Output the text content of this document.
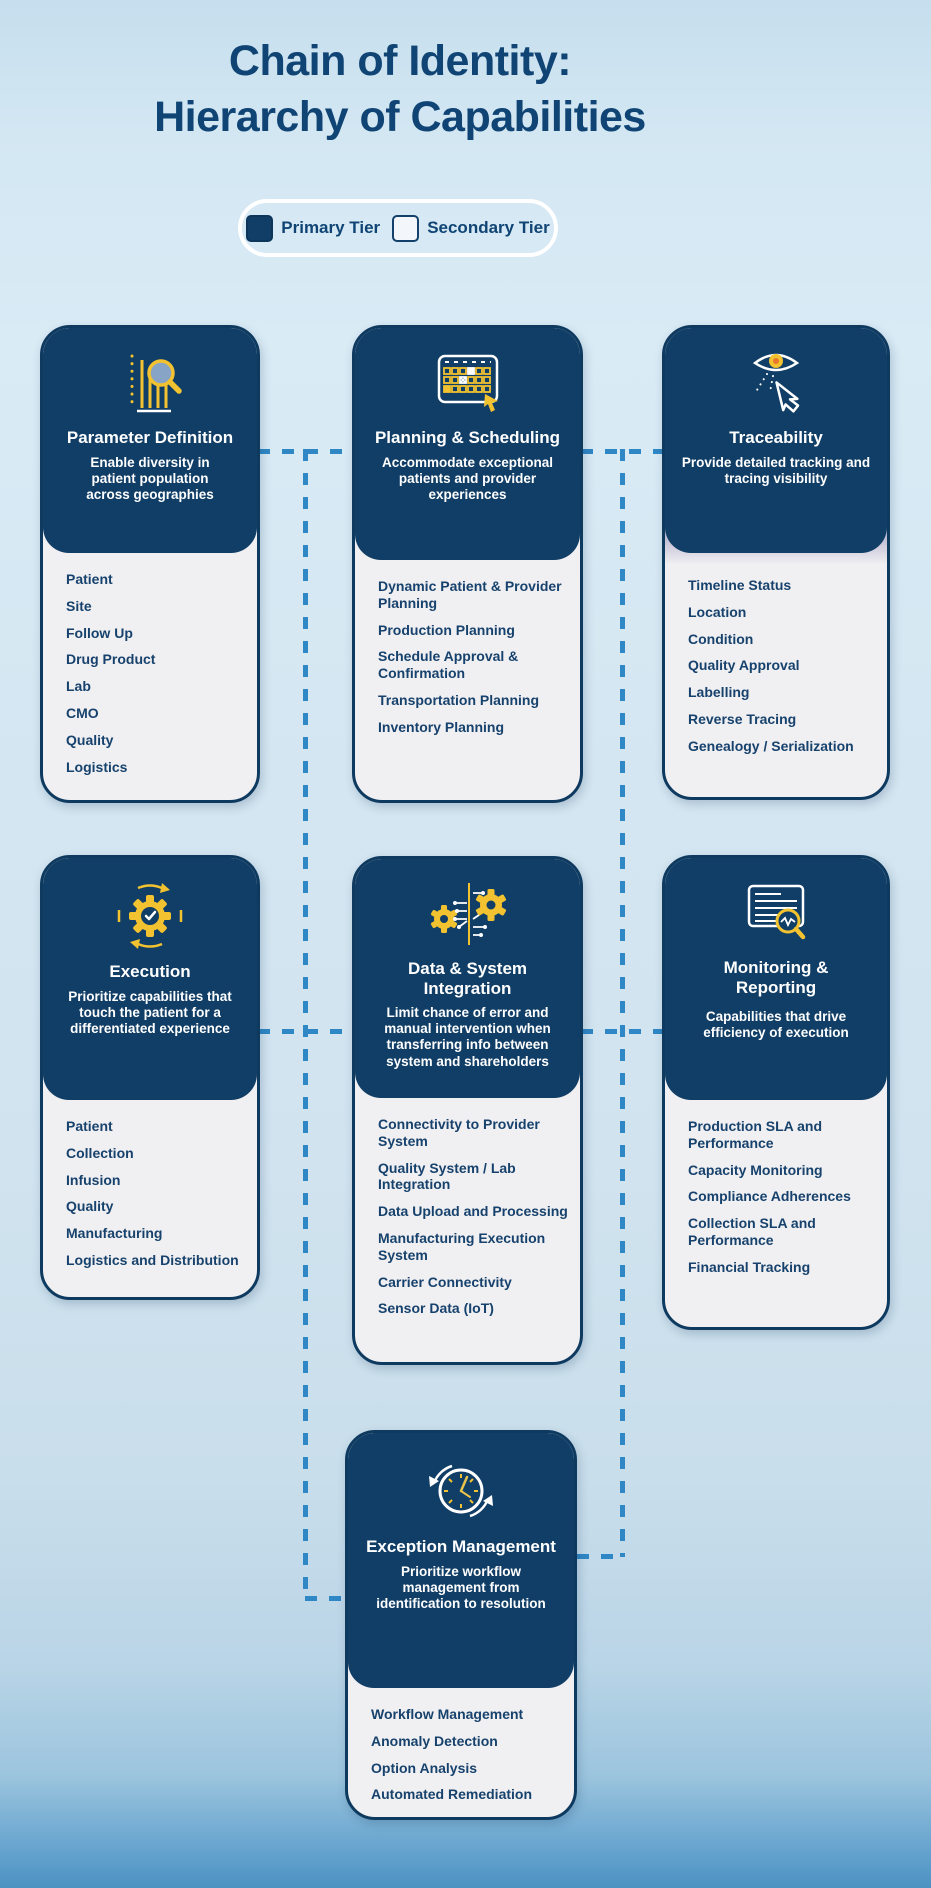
Chain of Identity:
Hierarchy of Capabilities
Primary Tier	Secondary Tier
Parameter Definition
Enable diversity in patient population across geographies
Patient
Site
Follow Up
Drug Product
Lab
CMO
Quality
Logistics
Planning & Scheduling
Accommodate exceptional patients and provider experiences
Dynamic Patient & Provider Planning
Production Planning
Schedule Approval & Confirmation
Transportation Planning
Inventory Planning
Traceability
Provide detailed tracking and tracing visibility
Timeline Status
Location
Condition
Quality Approval
Labelling
Reverse Tracing
Genealogy / Serialization
Execution
Prioritize capabilities that touch the patient for a differentiated experience
Patient
Collection
Infusion
Quality
Manufacturing
Logistics and Distribution
Data & System Integration
Limit chance of error and manual intervention when transferring info between system and shareholders
Connectivity to Provider System
Quality System / Lab Integration
Data Upload and Processing
Manufacturing Execution System
Carrier Connectivity
Sensor Data (IoT)
Monitoring & Reporting
Capabilities that drive efficiency of execution
Production SLA and Performance
Capacity Monitoring
Compliance Adherences
Collection SLA and Performance
Financial Tracking
Exception Management
Prioritize workflow management from identification to resolution
Workflow Management
Anomaly Detection
Option Analysis
Automated Remediation
